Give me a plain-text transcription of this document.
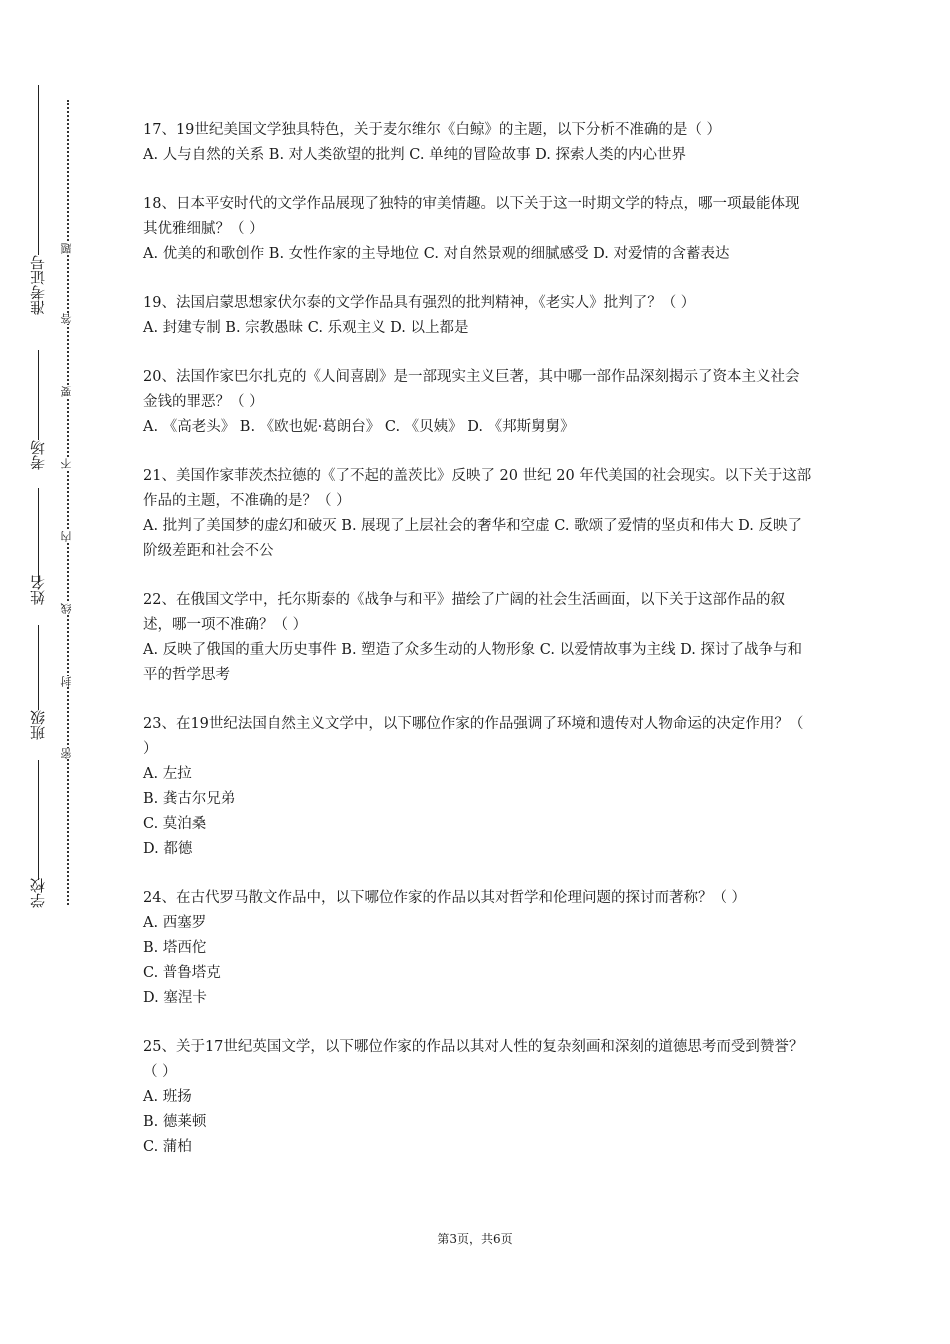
准考证号
考场
姓名
班级
学校
题
答
要
不
内
线
封
密

17、19世纪美国文学独具特色，关于麦尔维尔《白鲸》的主题，以下分析不准确的是（ ）

A. 人与自然的关系 B. 对人类欲望的批判 C. 单纯的冒险故事 D. 探索人类的内心世界

18、日本平安时代的文学作品展现了独特的审美情趣。以下关于这一时期文学的特点，哪一项最能体现其优雅细腻？（ ）

A. 优美的和歌创作 B. 女性作家的主导地位 C. 对自然景观的细腻感受 D. 对爱情的含蓄表达

19、法国启蒙思想家伏尔泰的文学作品具有强烈的批判精神，《老实人》批判了？（ ）

A. 封建专制 B. 宗教愚昧 C. 乐观主义 D. 以上都是

20、法国作家巴尔扎克的《人间喜剧》是一部现实主义巨著，其中哪一部作品深刻揭示了资本主义社会金钱的罪恶？（ ）

A. 《高老头》 B. 《欧也妮·葛朗台》 C. 《贝姨》 D. 《邦斯舅舅》

21、美国作家菲茨杰拉德的《了不起的盖茨比》反映了 20 世纪 20 年代美国的社会现实。以下关于这部作品的主题，不准确的是？（ ）

A. 批判了美国梦的虚幻和破灭 B. 展现了上层社会的奢华和空虚 C. 歌颂了爱情的坚贞和伟大 D. 反映了阶级差距和社会不公

22、在俄国文学中，托尔斯泰的《战争与和平》描绘了广阔的社会生活画面，以下关于这部作品的叙述，哪一项不准确？（ ）

A. 反映了俄国的重大历史事件 B. 塑造了众多生动的人物形象 C. 以爱情故事为主线 D. 探讨了战争与和平的哲学思考

23、在19世纪法国自然主义文学中，以下哪位作家的作品强调了环境和遗传对人物命运的决定作用？（ ）

A. 左拉

B. 龚古尔兄弟

C. 莫泊桑

D. 都德

24、在古代罗马散文作品中，以下哪位作家的作品以其对哲学和伦理问题的探讨而著称？（ ）

A. 西塞罗

B. 塔西佗

C. 普鲁塔克

D. 塞涅卡

25、关于17世纪英国文学，以下哪位作家的作品以其对人性的复杂刻画和深刻的道德思考而受到赞誉？（ ）

A. 班扬

B. 德莱顿

C. 蒲柏

第3页，共6页
